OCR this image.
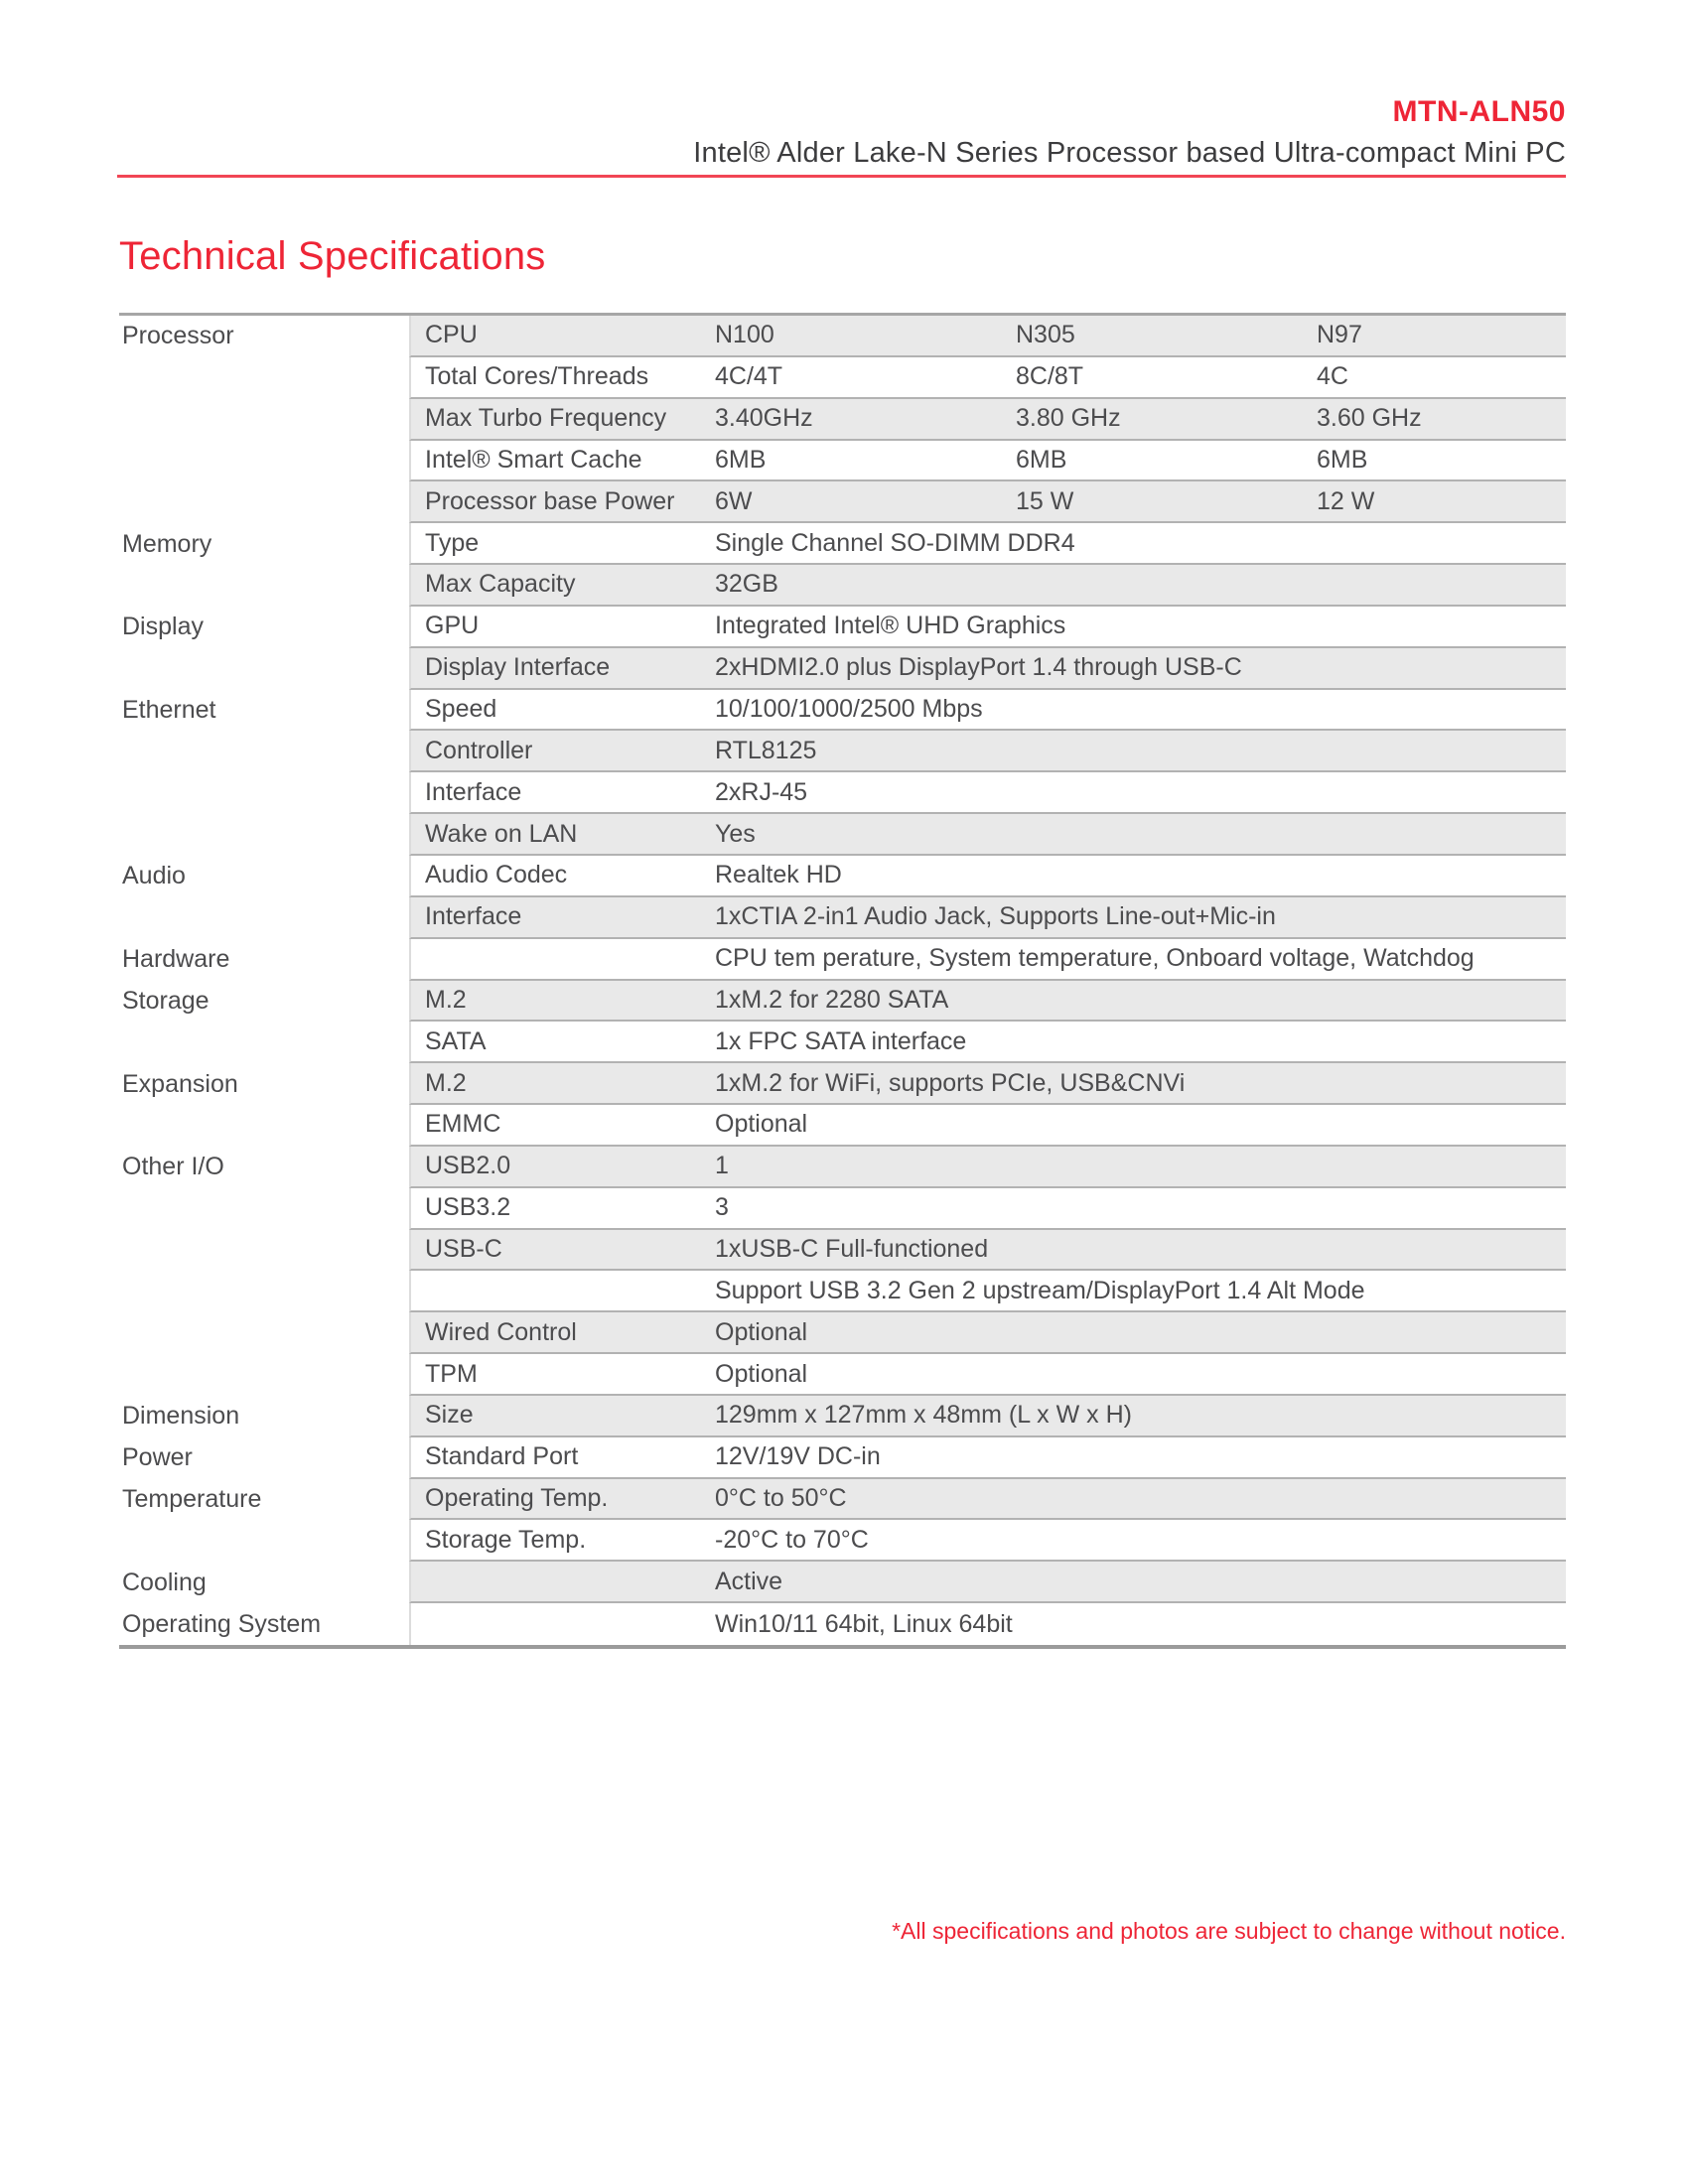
MTN-ALN50
Intel® Alder Lake-N Series Processor based Ultra-compact Mini PC
Technical Specifications
Processor	CPU	N100	N305	N97
Total Cores/Threads	4C/4T	8C/8T	4C
Max Turbo Frequency	3.40GHz	3.80 GHz	3.60 GHz
Intel® Smart Cache	6MB	6MB	6MB
Processor base Power	6W	15 W	12 W
Memory	Type	Single Channel SO-DIMM DDR4
Max Capacity	32GB
Display	GPU	Integrated Intel® UHD Graphics
Display Interface	2xHDMI2.0 plus DisplayPort 1.4 through USB-C
Ethernet	Speed	10/100/1000/2500 Mbps
Controller	RTL8125
Interface	2xRJ-45
Wake on LAN	Yes
Audio	Audio Codec	Realtek HD
Interface	1xCTIA 2-in1 Audio Jack, Supports Line-out+Mic-in
Hardware	CPU tem perature, System temperature, Onboard voltage, Watchdog
Storage	M.2	1xM.2 for 2280 SATA
SATA	1x FPC SATA interface
Expansion	M.2	1xM.2 for WiFi, supports PCIe, USB&CNVi
EMMC	Optional
Other I/O	USB2.0	1
USB3.2	3
USB-C	1xUSB-C Full-functioned
Support USB 3.2 Gen 2 upstream/DisplayPort 1.4 Alt Mode
Wired Control	Optional
TPM	Optional
Dimension	Size	129mm x 127mm x 48mm (L x W x H)
Power	Standard Port	12V/19V DC-in
Temperature	Operating Temp.	0°C to 50°C
Storage Temp.	-20°C to 70°C
Cooling	Active
Operating System	Win10/11 64bit, Linux 64bit
*All specifications and photos are subject to change without notice.
